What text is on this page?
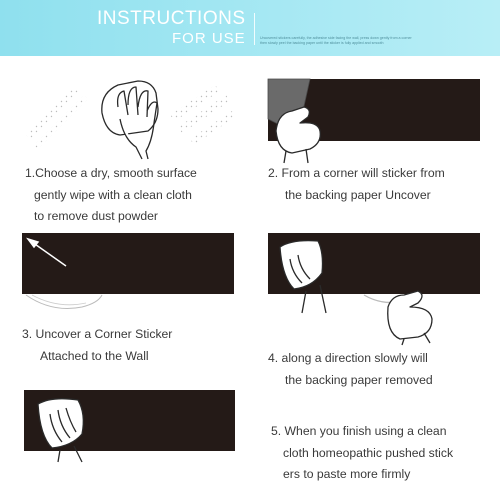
INSTRUCTIONS
FOR USE	Uncovered stickers carefully, the adhesive side facing the wall, press down gently from a corner
then slowly peel the backing paper until the sticker is fully applied and smooth
1.Choose a dry, smooth surface
gently wipe with a clean cloth
to remove dust powder
2. From a corner will sticker from
the backing paper Uncover
3. Uncover a Corner Sticker
Attached to the Wall	4. along a direction slowly will
the backing paper removed
5. When you finish using a clean
cloth homeopathic pushed stick
ers to paste more firmly
